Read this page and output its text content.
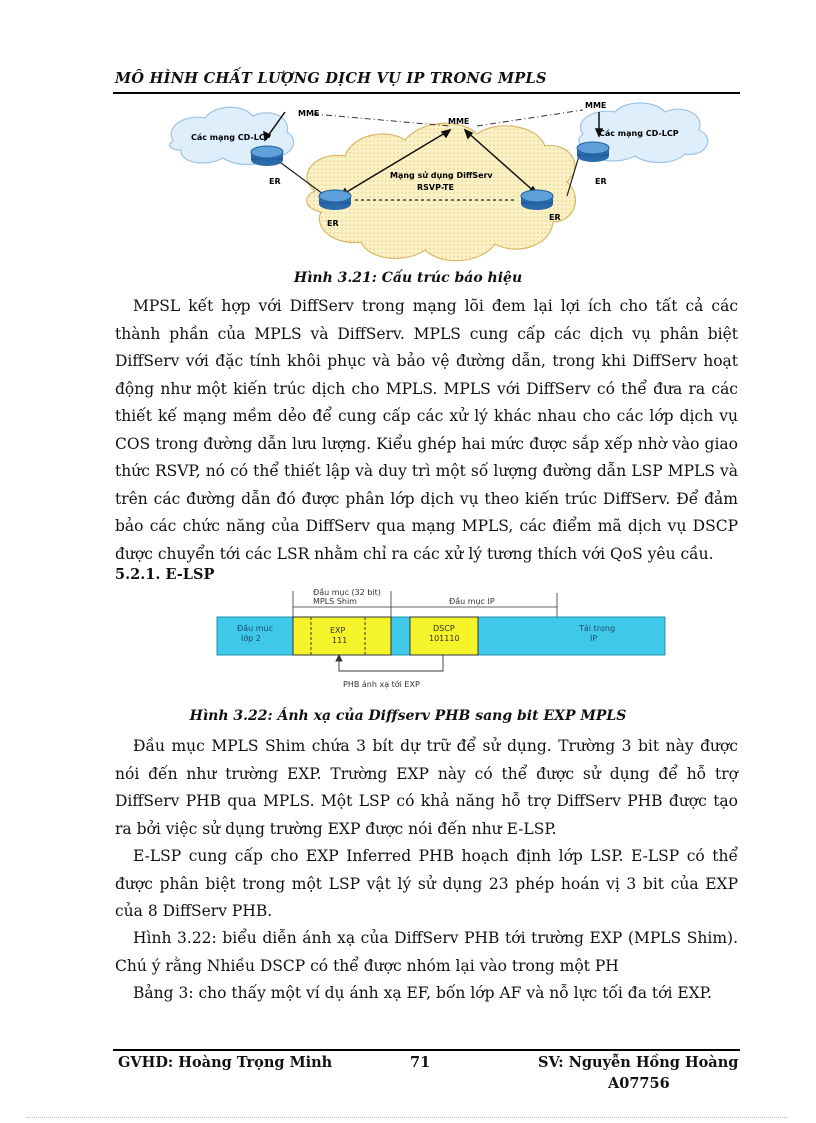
MÔ HÌNH CHẤT LƯỢNG DỊCH VỤ IP TRONG MPLS
MME
MME
MME
Các mạng CD-LCP	Các mạng CD-LCP
Mạng sử dụng DiffServ
RSVP-TE
ER
ER
ER
ER
Hình 3.21: Cấu trúc báo hiệu

MPSL kết hợp với DiffServ trong mạng lõi đem lại lợi ích cho tất cả các thành phần của MPLS và DiffServ. MPLS cung cấp các dịch vụ phân biệt DiffServ với đặc tính khôi phục và bảo vệ đường dẫn, trong khi DiffServ hoạt động như một kiến trúc dịch cho MPLS. MPLS với DiffServ có thể đưa ra các thiết kế mạng mềm dẻo để cung cấp các xử lý khác nhau cho các lớp dịch vụ COS trong đường dẫn lưu lượng. Kiểu ghép hai mức được sắp xếp nhờ vào giao thức RSVP, nó có thể thiết lập và duy trì một số lượng đường dẫn LSP MPLS và trên các đường dẫn đó được phân lớp dịch vụ theo kiến trúc DiffServ. Để đảm bảo các chức năng của DiffServ qua mạng MPLS, các điểm mã dịch vụ DSCP được chuyển tới các LSR nhằm chỉ ra các xử lý tương thích với QoS yêu cầu.

5.2.1. E-LSP
Đầu mục (32 bit)
MPLS Shim	Đầu mục IP
Đầu mục
lớp 2
EXP
111
DSCP
101110
Tải trọng
IP
PHB ánh xạ tới EXP
Hình 3.22: Ánh xạ của Diffserv PHB sang bit EXP MPLS

Đầu mục MPLS Shim chứa 3 bít dự trữ để sử dụng. Trường 3 bit này được nói đến như trường EXP. Trường EXP này có thể được sử dụng để hỗ trợ DiffServ PHB qua MPLS. Một LSP có khả năng hỗ trợ DiffServ PHB được tạo ra bởi việc sử dụng trường EXP được nói đến như E-LSP.

E-LSP cung cấp cho EXP Inferred PHB hoạch định lớp LSP. E-LSP có thể được phân biệt trong một LSP vật lý sử dụng 23 phép hoán vị 3 bit của EXP của 8 DiffServ PHB.

Hình 3.22: biểu diễn ánh xạ của DiffServ PHB tới trường EXP (MPLS Shim). Chú ý rằng Nhiều DSCP có thể được nhóm lại vào trong một PH

Bảng 3: cho thấy một ví dụ ánh xạ EF, bốn lớp AF và nỗ lực tối đa tới EXP.

GVHD: Hoàng Trọng Minh	71	SV: Nguyễn Hồng Hoàng
A07756
